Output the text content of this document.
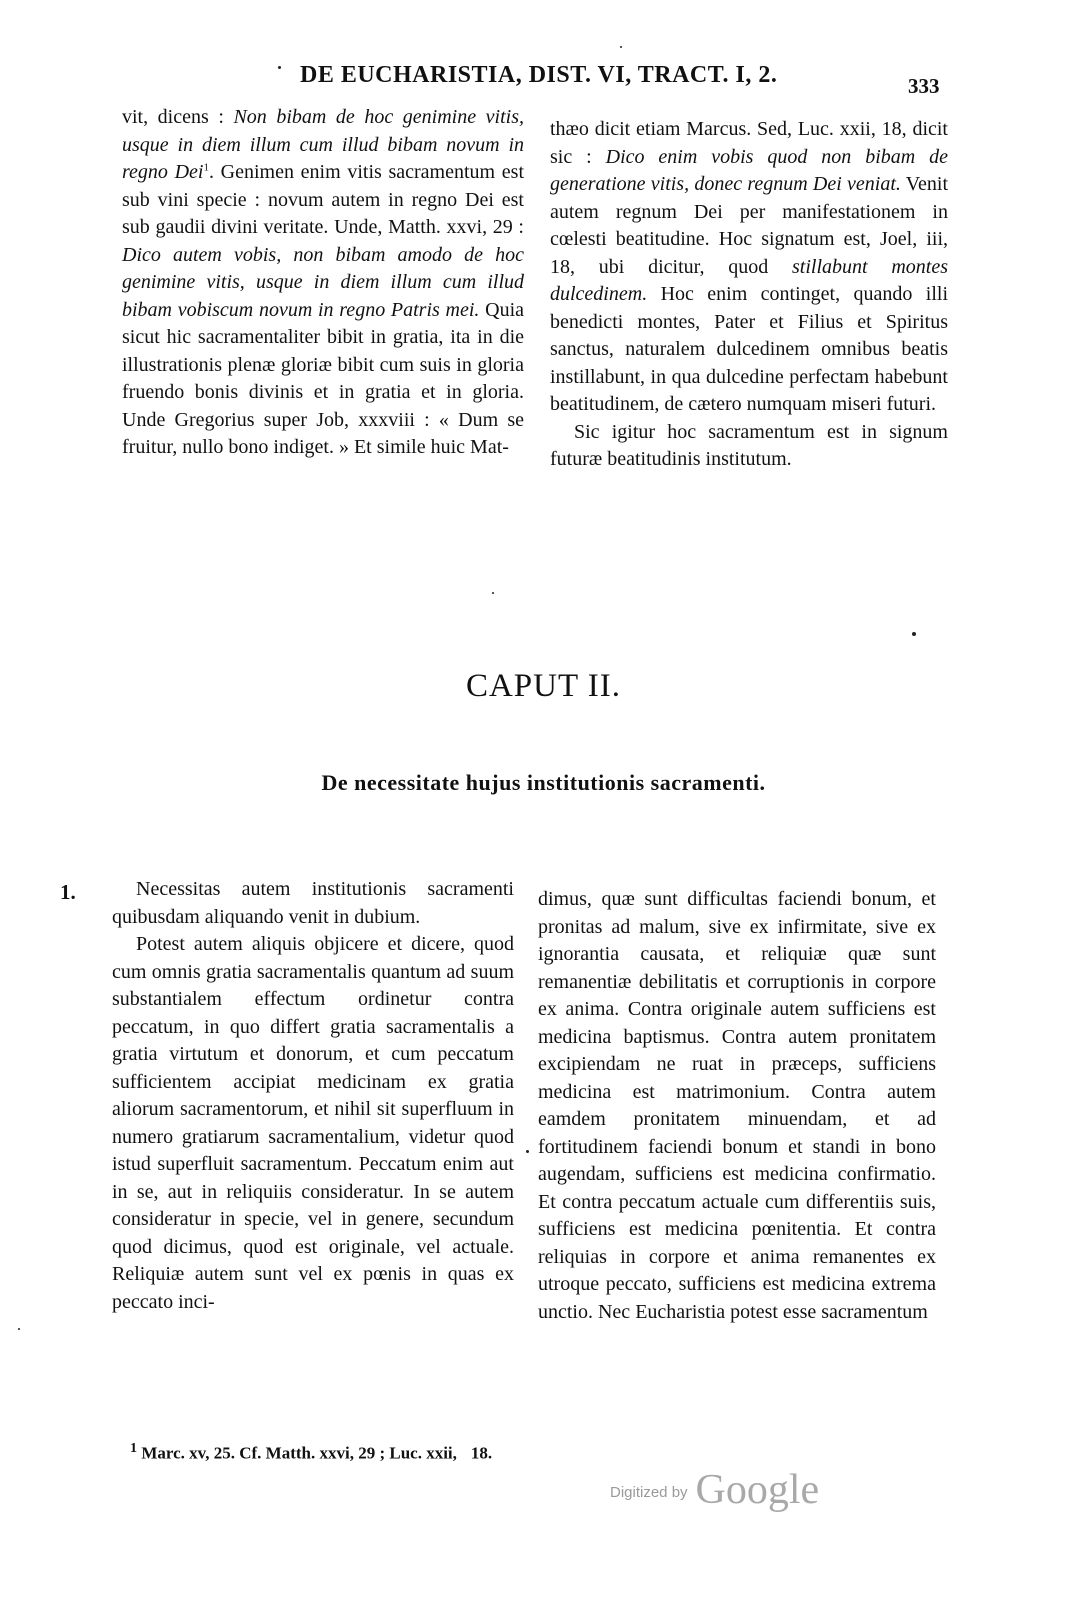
DE EUCHARISTIA, DIST. VI, TRACT. I, 2.	333

vit, dicens : Non bibam de hoc genimine vitis, usque in diem illum cum illud bibam novum in regno Dei$^1$. Genimen enim vitis sacramentum est sub vini specie : novum autem in regno Dei est sub gaudii divini veritate. Unde, Matth. xxvi, 29 : Dico autem vobis, non bibam amodo de hoc genimine vitis, usque in diem illum cum illud bibam vobiscum novum in regno Patris mei. Quia sicut hic sacramentaliter bibit in gratia, ita in die illustrationis plenæ gloriæ bibit cum suis in gloria fruendo bonis divinis et in gratia et in gloria. Unde Gregorius super Job, xxxviii : « Dum se fruitur, nullo bono indiget. » Et simile huic Mat-

thæo dicit etiam Marcus. Sed, Luc. xxii, 18, dicit sic : Dico enim vobis quod non bibam de generatione vitis, donec regnum Dei veniat. Venit autem regnum Dei per manifestationem in cœlesti beatitudine. Hoc signatum est, Joel, iii, 18, ubi dicitur, quod stillabunt montes dulcedinem. Hoc enim continget, quando illi benedicti montes, Pater et Filius et Spiritus sanctus, naturalem dulcedinem omnibus beatis instillabunt, in qua dulcedine perfectam habebunt beatitudinem, de cætero numquam miseri futuri.

Sic igitur hoc sacramentum est in signum futuræ beatitudinis institutum.

CAPUT II.
De necessitate hujus institutionis sacramenti.
1.	Necessitas autem institutionis sacramenti quibusdam aliquando venit in dubium.

Potest autem aliquis objicere et dicere, quod cum omnis gratia sacramentalis quantum ad suum substantialem effectum ordinetur contra peccatum, in quo differt gratia sacramentalis a gratia virtutum et donorum, et cum peccatum sufficientem accipiat medicinam ex gratia aliorum sacramentorum, et nihil sit superfluum in numero gratiarum sacramentalium, videtur quod istud superfluit sacramentum. Peccatum enim aut in se, aut in reliquiis consideratur. In se autem consideratur in specie, vel in genere, secundum quod dicimus, quod est originale, vel actuale. Reliquiæ autem sunt vel ex pœnis in quas ex peccato inci-

dimus, quæ sunt difficultas faciendi bonum, et pronitas ad malum, sive ex infirmitate, sive ex ignorantia causata, et reliquiæ quæ sunt remanentiæ debilitatis et corruptionis in corpore ex anima. Contra originale autem sufficiens est medicina baptismus. Contra autem pronitatem excipiendam ne ruat in præceps, sufficiens medicina est matrimonium. Contra autem eamdem pronitatem minuendam, et ad fortitudinem faciendi bonum et standi in bono augendam, sufficiens est medicina confirmatio. Et contra peccatum actuale cum differentiis suis, sufficiens est medicina pœnitentia. Et contra reliquias in corpore et anima remanentes ex utroque peccato, sufficiens est medicina extrema unctio. Nec Eucharistia potest esse sacramentum

$^1$ Marc. xv, 25. Cf. Matth. xxvi, 29 ; Luc. xxii, 18.
Digitized by Google
